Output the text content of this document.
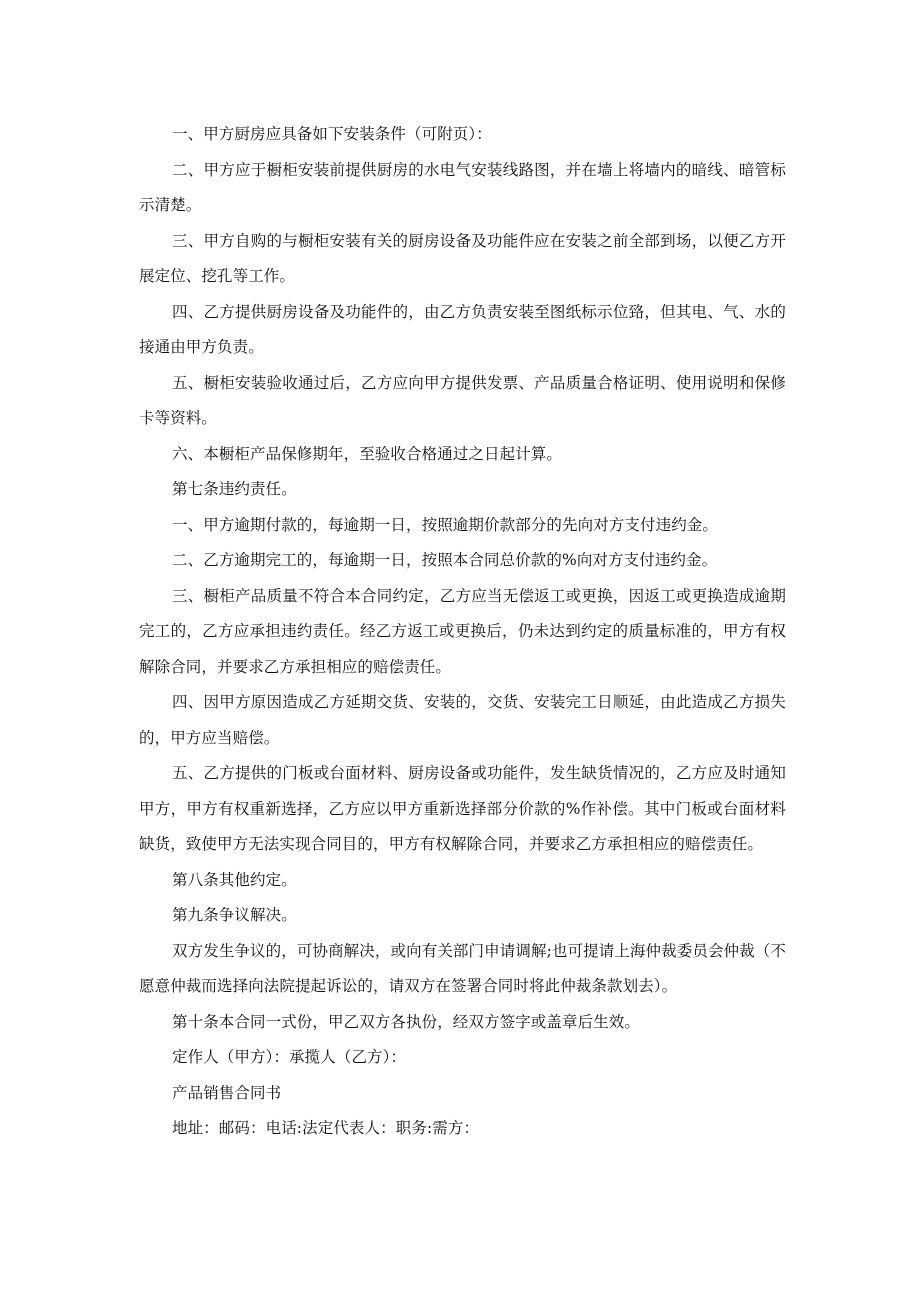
一、甲方厨房应具备如下安装条件（可附页）：

二、甲方应于橱柜安装前提供厨房的水电气安装线路图，并在墙上将墙内的暗线、暗管标示清楚。

三、甲方自购的与橱柜安装有关的厨房设备及功能件应在安装之前全部到场，以便乙方开展定位、挖孔等工作。

四、乙方提供厨房设备及功能件的，由乙方负责安装至图纸标示位臵，但其电、气、水的接通由甲方负责。

五、橱柜安装验收通过后，乙方应向甲方提供发票、产品质量合格证明、使用说明和保修卡等资料。

六、本橱柜产品保修期年，至验收合格通过之日起计算。

第七条违约责任。

一、甲方逾期付款的，每逾期一日，按照逾期价款部分的先向对方支付违约金。

二、乙方逾期完工的，每逾期一日，按照本合同总价款的%向对方支付违约金。

三、橱柜产品质量不符合本合同约定，乙方应当无偿返工或更换，因返工或更换造成逾期完工的，乙方应承担违约责任。经乙方返工或更换后，仍未达到约定的质量标准的，甲方有权解除合同，并要求乙方承担相应的赔偿责任。

四、因甲方原因造成乙方延期交货、安装的，交货、安装完工日顺延，由此造成乙方损失的，甲方应当赔偿。

五、乙方提供的门板或台面材料、厨房设备或功能件，发生缺货情况的，乙方应及时通知甲方，甲方有权重新选择，乙方应以甲方重新选择部分价款的%作补偿。其中门板或台面材料缺货，致使甲方无法实现合同目的，甲方有权解除合同，并要求乙方承担相应的赔偿责任。

第八条其他约定。

第九条争议解决。

双方发生争议的，可协商解决，或向有关部门申请调解;也可提请上海仲裁委员会仲裁（不愿意仲裁而选择向法院提起诉讼的，请双方在签署合同时将此仲裁条款划去）。

第十条本合同一式份，甲乙双方各执份，经双方签字或盖章后生效。

定作人（甲方）：承揽人（乙方）：

产品销售合同书

地址：邮码：电话:法定代表人：职务:需方：
